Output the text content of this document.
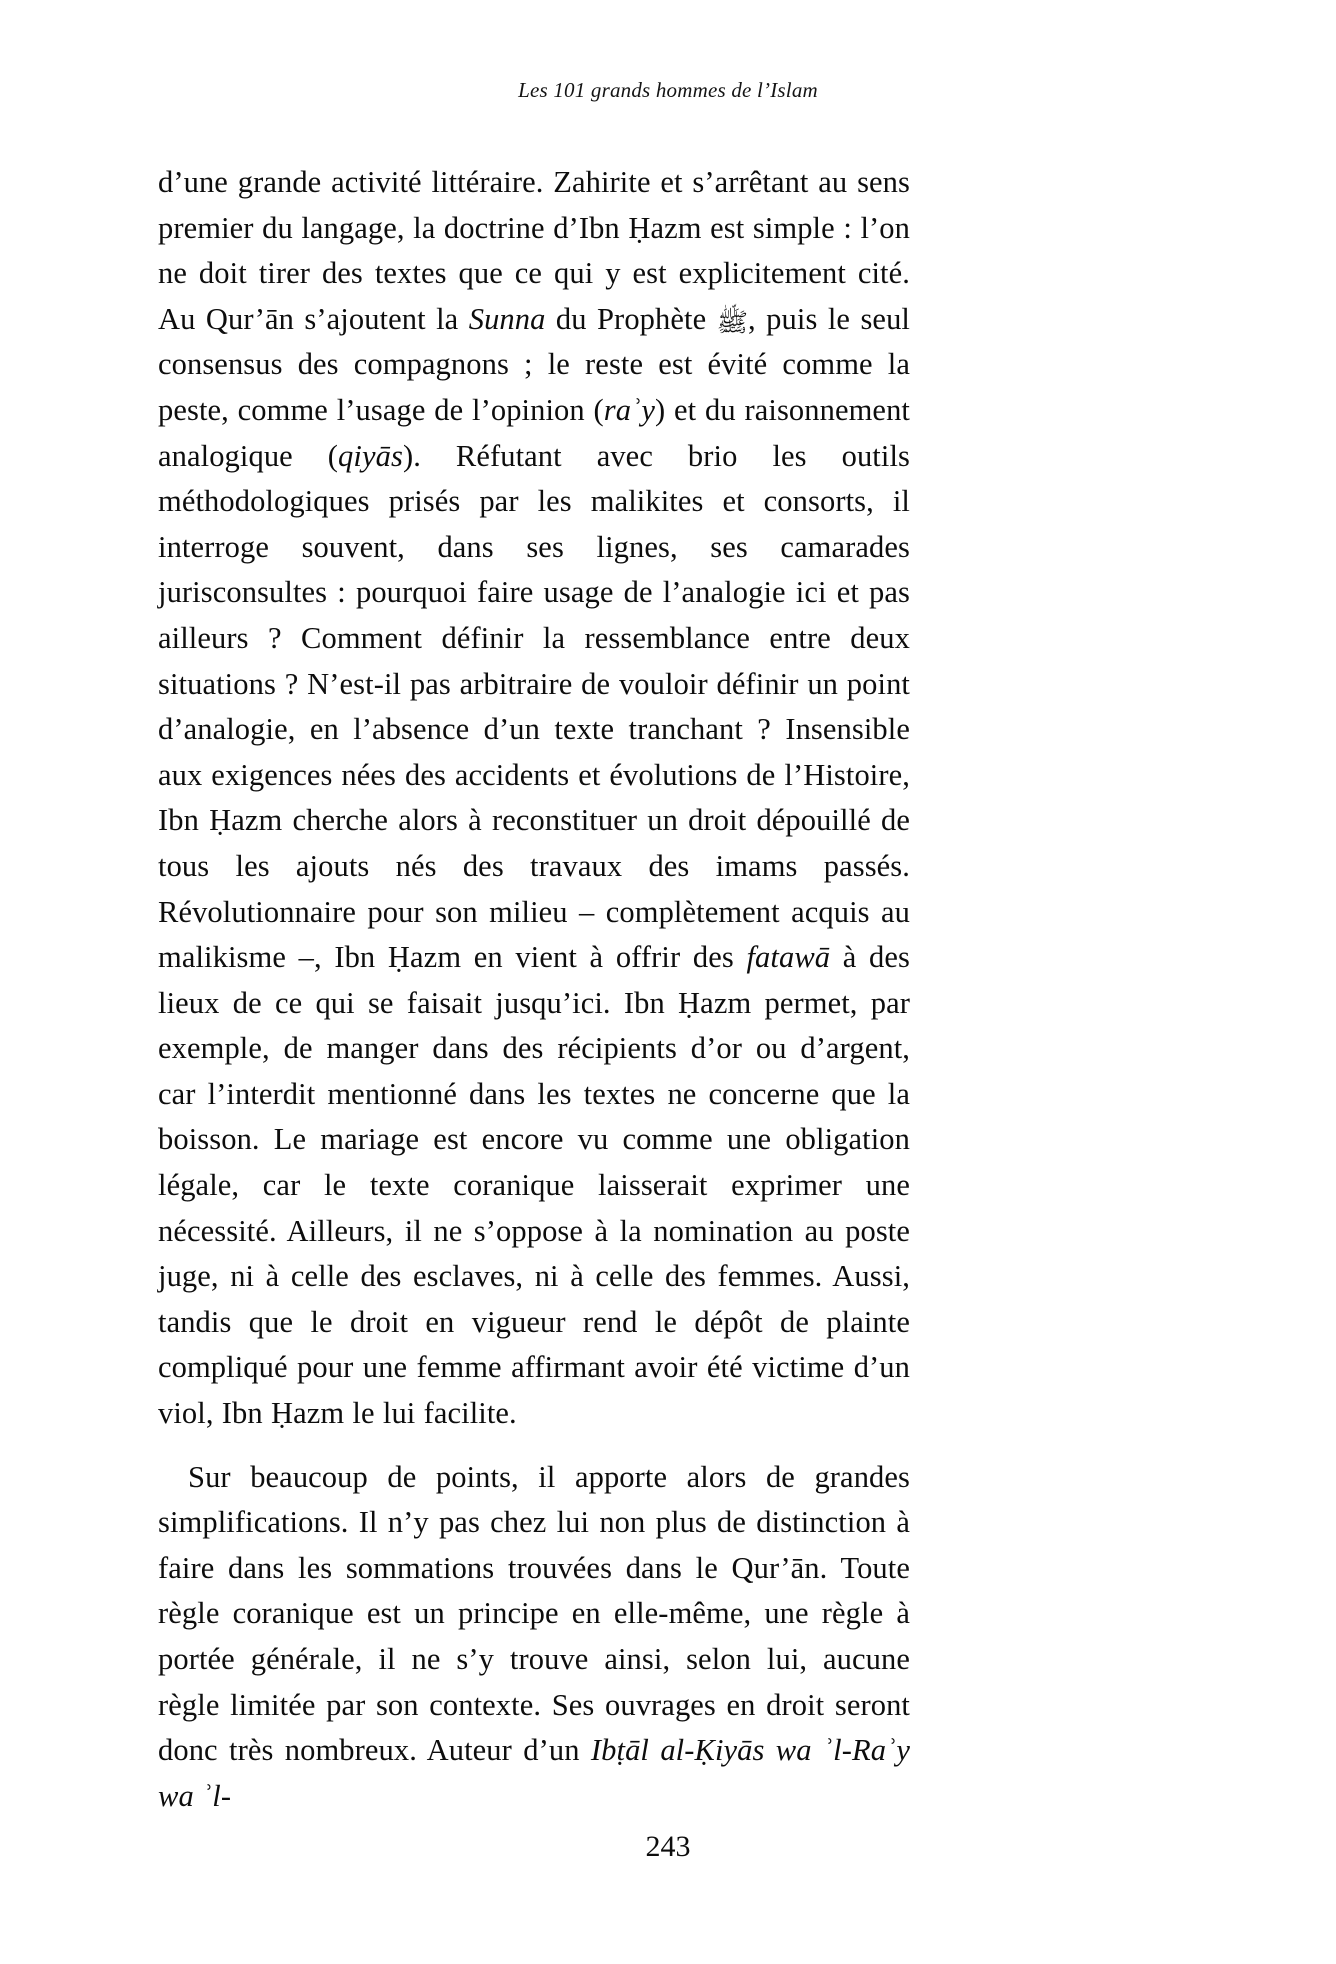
Les 101 grands hommes de l’Islam

d’une grande activité littéraire. Zahirite et s’arrêtant au sens premier du langage, la doctrine d’Ibn Ḥazm est simple : l’on ne doit tirer des textes que ce qui y est explicitement cité. Au Qur’ān s’ajoutent la Sunna du Prophète ﷺ, puis le seul consensus des compagnons ; le reste est évité comme la peste, comme l’usage de l’opinion (raʾy) et du raisonnement analogique (qiyās). Réfutant avec brio les outils méthodologiques prisés par les malikites et consorts, il interroge souvent, dans ses lignes, ses camarades jurisconsultes : pourquoi faire usage de l’analogie ici et pas ailleurs ? Comment définir la ressemblance entre deux situations ? N’est-il pas arbitraire de vouloir définir un point d’analogie, en l’absence d’un texte tranchant ? Insensible aux exigences nées des accidents et évolutions de l’Histoire, Ibn Ḥazm cherche alors à reconstituer un droit dépouillé de tous les ajouts nés des travaux des imams passés. Révolutionnaire pour son milieu – complètement acquis au malikisme –, Ibn Ḥazm en vient à offrir des fatawā à des lieux de ce qui se faisait jusqu’ici. Ibn Ḥazm permet, par exemple, de manger dans des récipients d’or ou d’argent, car l’interdit mentionné dans les textes ne concerne que la boisson. Le mariage est encore vu comme une obligation légale, car le texte coranique laisserait exprimer une nécessité. Ailleurs, il ne s’oppose à la nomination au poste juge, ni à celle des esclaves, ni à celle des femmes. Aussi, tandis que le droit en vigueur rend le dépôt de plainte compliqué pour une femme affirmant avoir été victime d’un viol, Ibn Ḥazm le lui facilite.

Sur beaucoup de points, il apporte alors de grandes simplifications. Il n’y pas chez lui non plus de distinction à faire dans les sommations trouvées dans le Qur’ān. Toute règle coranique est un principe en elle-même, une règle à portée générale, il ne s’y trouve ainsi, selon lui, aucune règle limitée par son contexte. Ses ouvrages en droit seront donc très nombreux. Auteur d’un Ibṭāl al-Ḳiyās wa ʾl-Raʾy wa ʾl-

243
